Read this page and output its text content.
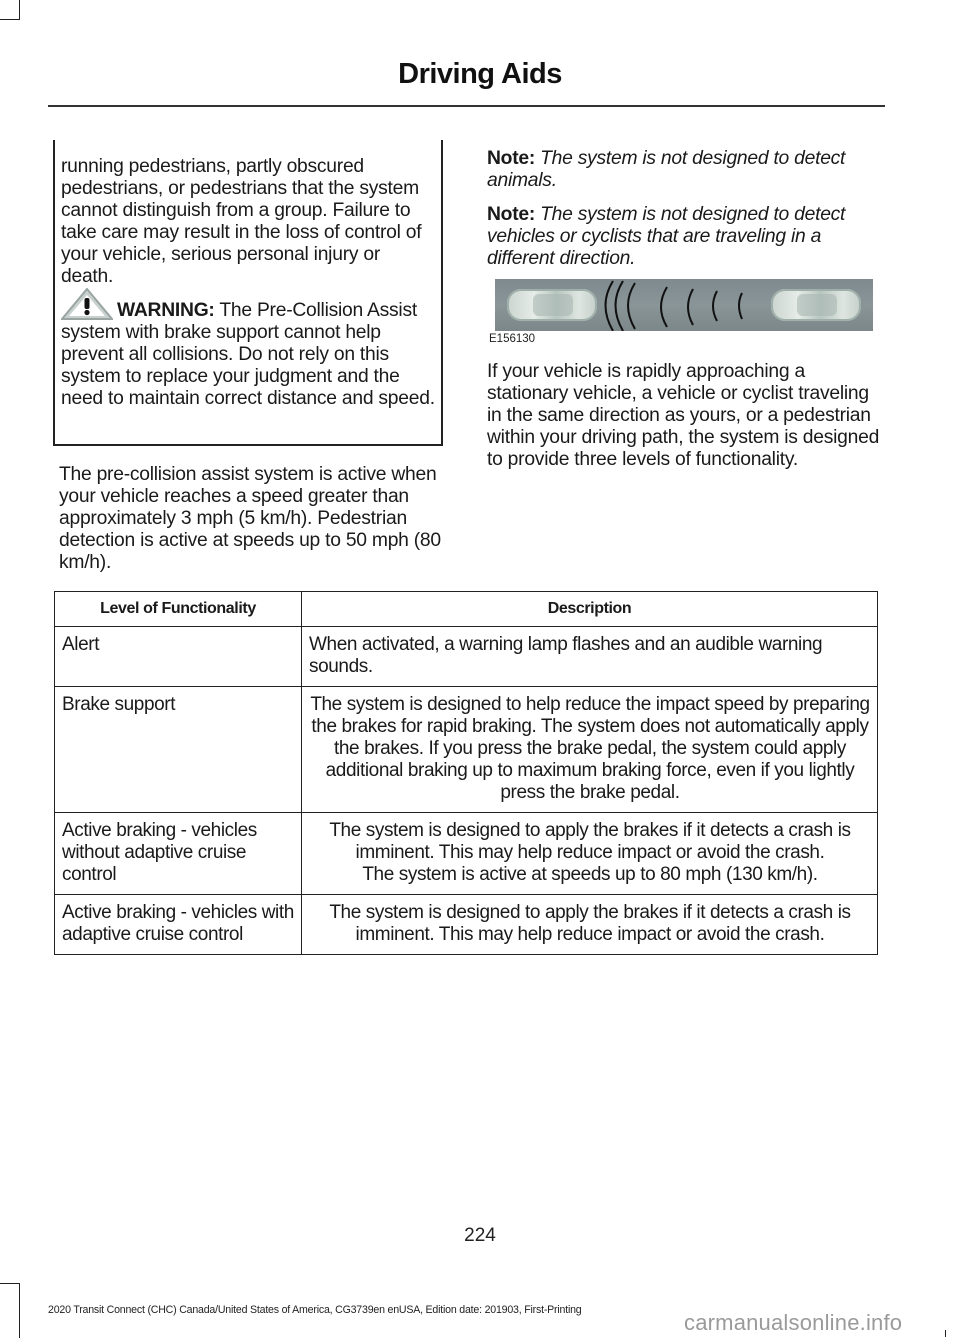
Driving Aids

running pedestrians, partly obscured pedestrians, or pedestrians that the system cannot distinguish from a group. Failure to take care may result in the loss of control of your vehicle, serious personal injury or death.

WARNING: The Pre-Collision Assist system with brake support cannot help prevent all collisions. Do not rely on this system to replace your judgment and the need to maintain correct distance and speed.

The pre-collision assist system is active when your vehicle reaches a speed greater than approximately 3 mph (5 km/h). Pedestrian detection is active at speeds up to 50 mph (80 km/h).

Note: The system is not designed to detect animals.

Note: The system is not designed to detect vehicles or cyclists that are traveling in a different direction.

E156130
If your vehicle is rapidly approaching a stationary vehicle, a vehicle or cyclist traveling in the same direction as yours, or a pedestrian within your driving path, the system is designed to provide three levels of functionality.
Level of Functionality	Description
Alert	When activated, a warning lamp flashes and an audible warning sounds.
Brake support	The system is designed to help reduce the impact speed by preparing the brakes for rapid braking. The system does not automatically apply the brakes. If you press the brake pedal, the system could apply additional braking up to maximum braking force, even if you lightly press the brake pedal.
Active braking - vehicles without adaptive cruise control	The system is designed to apply the brakes if it detects a crash is imminent. This may help reduce impact or avoid the crash.
The system is active at speeds up to 80 mph (130 km/h).

Active braking - vehicles with adaptive cruise control	The system is designed to apply the brakes if it detects a crash is imminent. This may help reduce impact or avoid the crash.
224
2020 Transit Connect (CHC) Canada/United States of America, CG3739en enUSA, Edition date: 201903, First-Printing	carmanualsonline.info
